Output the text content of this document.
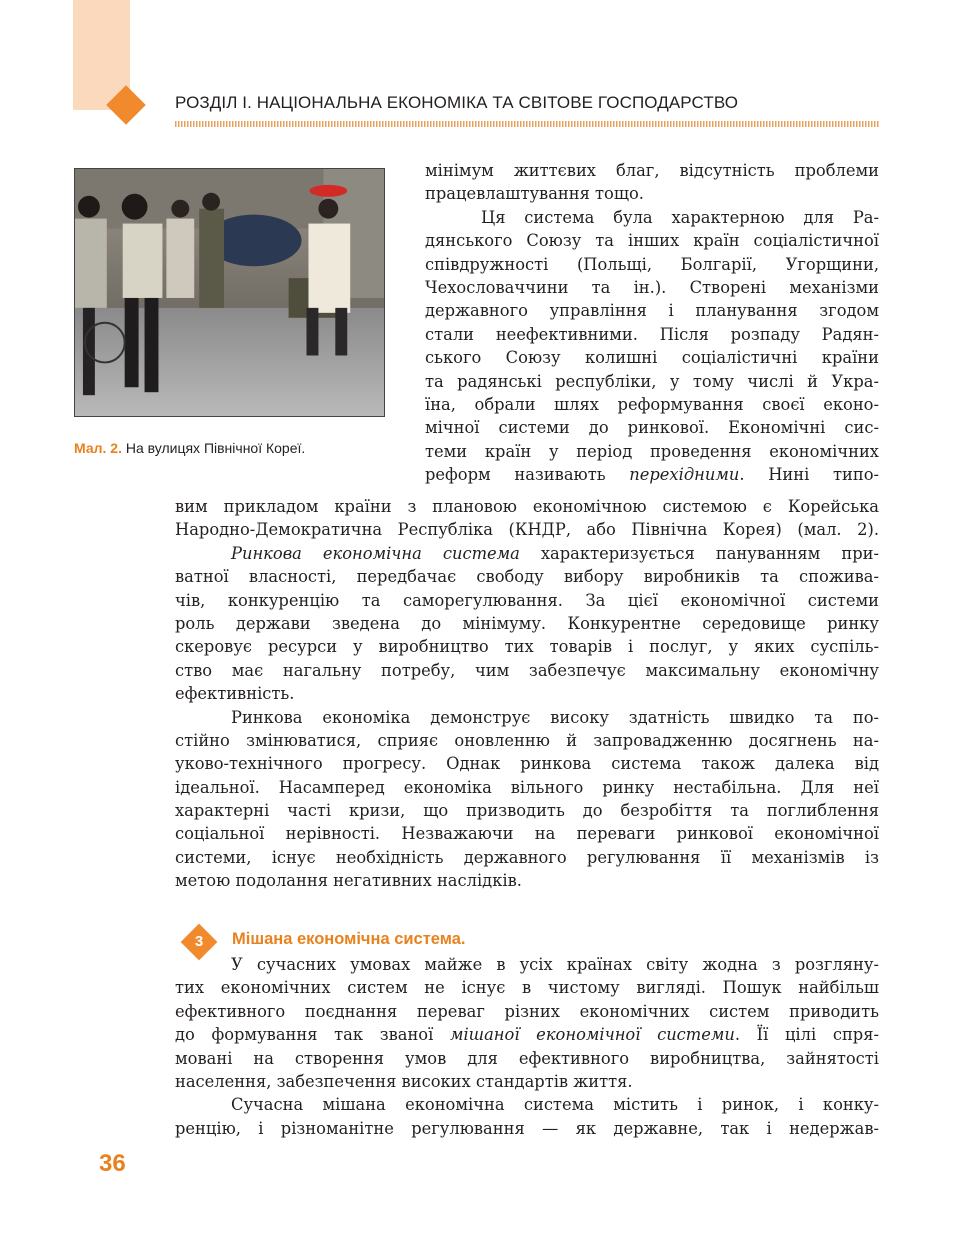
РОЗДІЛ І. НАЦІОНАЛЬНА ЕКОНОМІКА ТА СВІТОВЕ ГОСПОДАРСТВО
Мал. 2. На вулицях Північної Кореї.
мінімум життєвих благ, відсутність проблеми
працевлаштування тощо.
Ця система була характерною для Ра-
дянського Союзу та інших країн соціалістичної
співдружності (Польщі, Болгарії, Угорщини,
Чехословаччини та ін.). Створені механізми
державного управління і планування згодом
стали неефективними. Після розпаду Радян-
ського Союзу колишні соціалістичні країни
та радянські республіки, у тому числі й Укра-
їна, обрали шлях реформування своєї еконо-
мічної системи до ринкової. Економічні сис-
теми країн у період проведення економічних
реформ називають перехідними. Нині типо-
вим прикладом країни з плановою економічною системою є Корейська
Народно-Демократична Республіка (КНДР, або Північна Корея) (мал. 2).
Ринкова економічна система характеризується пануванням при-
ватної власності, передбачає свободу вибору виробників та спожива-
чів, конкуренцію та саморегулювання. За цієї економічної системи
роль держави зведена до мінімуму. Конкурентне середовище ринку
скеровує ресурси у виробництво тих товарів і послуг, у яких суспіль-
ство має нагальну потребу, чим забезпечує максимальну економічну
ефективність.
Ринкова економіка демонструє високу здатність швидко та по-
стійно змінюватися, сприяє оновленню й запровадженню досягнень на-
уково-технічного прогресу. Однак ринкова система також далека від
ідеальної. Насамперед економіка вільного ринку нестабільна. Для неї
характерні часті кризи, що призводить до безробіття та поглиблення
соціальної нерівності. Незважаючи на переваги ринкової економічної
системи, існує необхідність державного регулювання її механізмів із
метою подолання негативних наслідків.
3	Мішана економічна система.
У сучасних умовах майже в усіх країнах світу жодна з розгляну-
тих економічних систем не існує в чистому вигляді. Пошук найбільш
ефективного поєднання переваг різних економічних систем приводить
до формування так званої мішаної економічної системи. Її цілі спря-
мовані на створення умов для ефективного виробництва, зайнятості
населення, забезпечення високих стандартів життя.
Сучасна мішана економічна система містить і ринок, і конку-
ренцію, і різноманітне регулювання — як державне, так і недержав-
36
